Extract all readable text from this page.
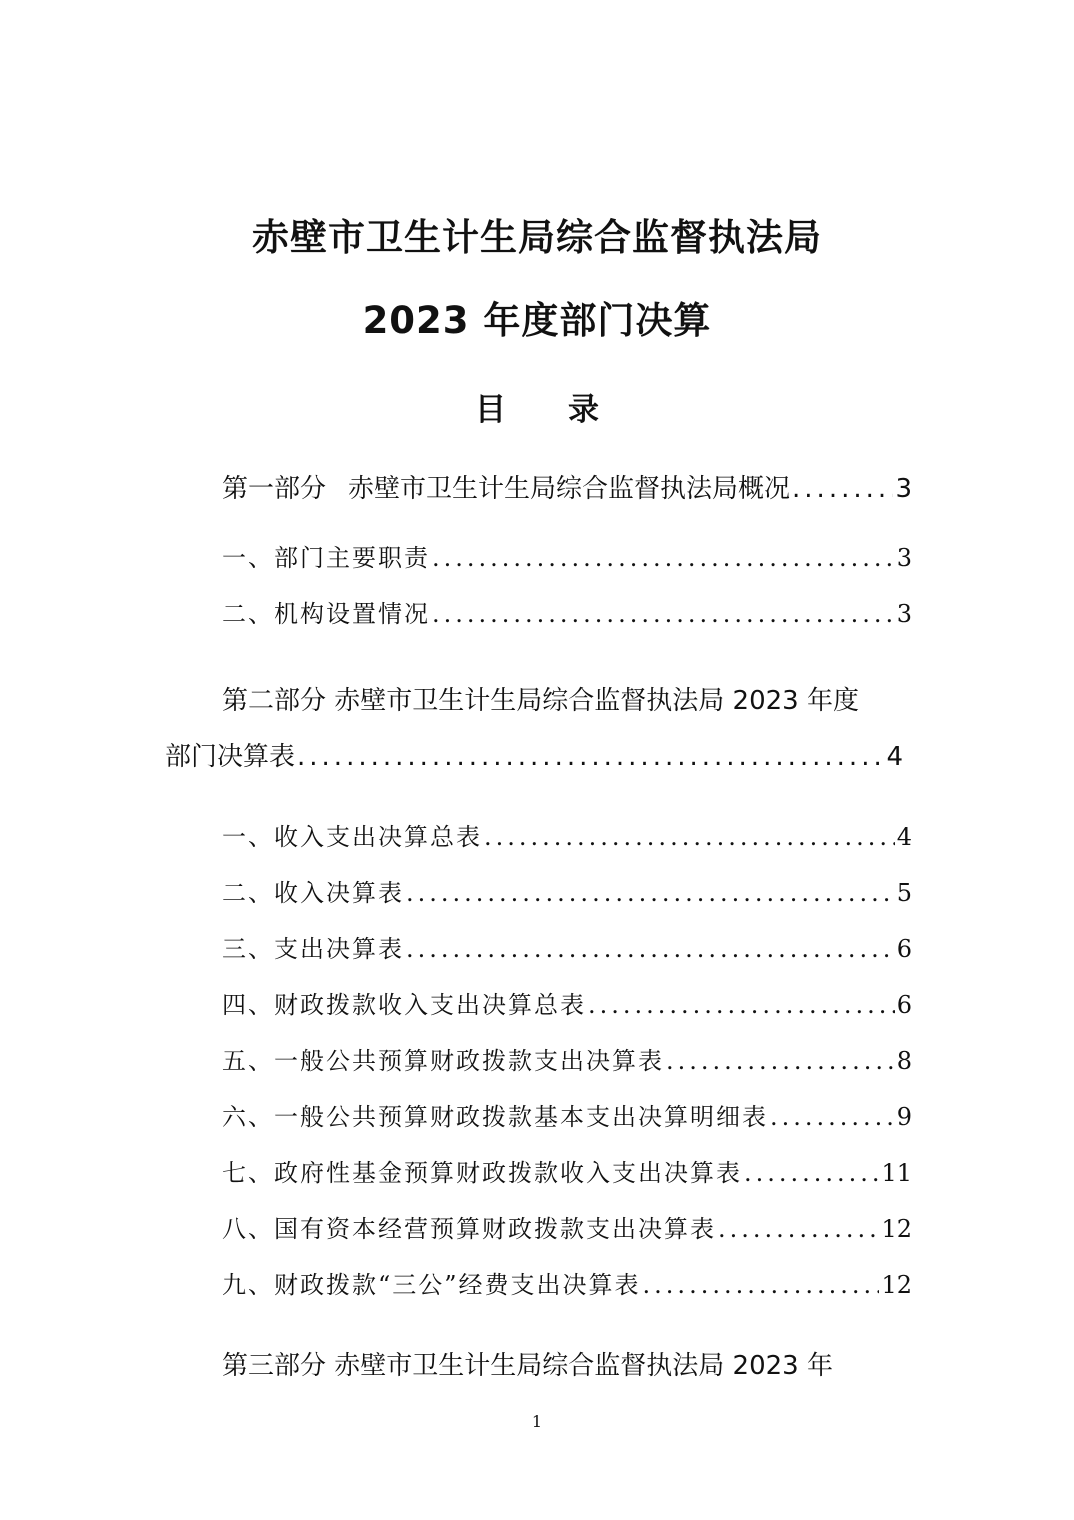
赤壁市卫生计生局综合监督执法局
2023 年度部门决算
目录
第一部分 赤壁市卫生计生局综合监督执法局概况 .....	3
一、部门主要职责 .....	3
二、机构设置情况 .....	3
第二部分 赤壁市卫生计生局综合监督执法局 2023 年度
部门决算表 .....	4
一、收入支出决算总表 .....	4
二、收入决算表 .....	5
三、支出决算表 .....	6
四、财政拨款收入支出决算总表 .....	6
五、一般公共预算财政拨款支出决算表 .....	8
六、一般公共预算财政拨款基本支出决算明细表 .....	9
七、政府性基金预算财政拨款收入支出决算表 .....	11
八、国有资本经营预算财政拨款支出决算表 .....	12
九、财政拨款“三公”经费支出决算表 .....	12
第三部分 赤壁市卫生计生局综合监督执法局 2023 年
1
